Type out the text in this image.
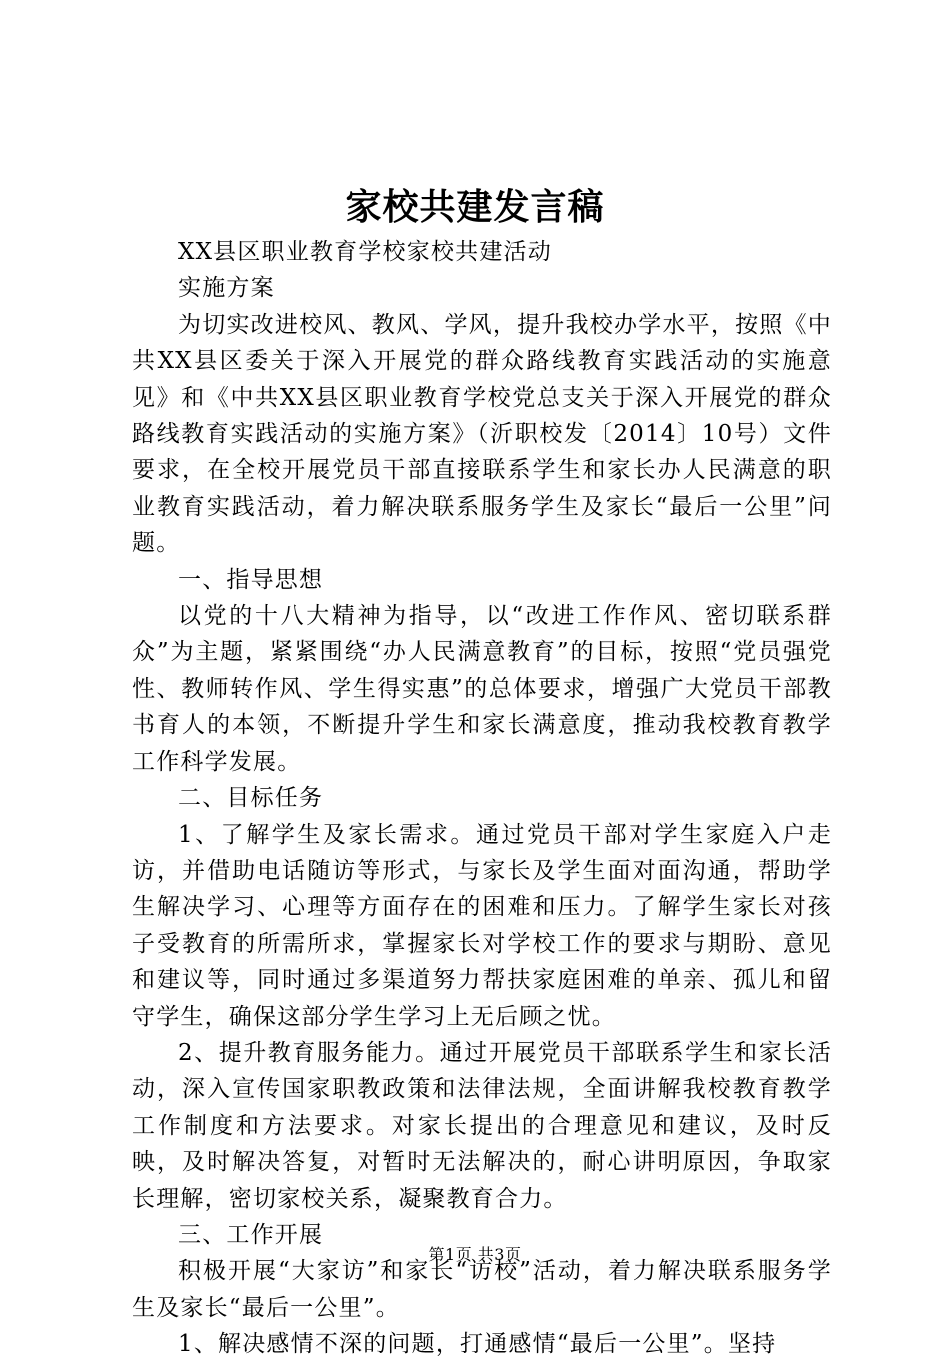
家校共建发言稿

XX县区职业教育学校家校共建活动

实施方案

为切实改进校风、教风、学风，提升我校办学水平，按照《中共XX县区委关于深入开展党的群众路线教育实践活动的实施意见》和《中共XX县区职业教育学校党总支关于深入开展党的群众路线教育实践活动的实施方案》（沂职校发〔2014〕10号）文件要求，在全校开展党员干部直接联系学生和家长办人民满意的职业教育实践活动，着力解决联系服务学生及家长“最后一公里”问题。

一、指导思想

以党的十八大精神为指导，以“改进工作作风、密切联系群众”为主题，紧紧围绕“办人民满意教育”的目标，按照“党员强党性、教师转作风、学生得实惠”的总体要求，增强广大党员干部教书育人的本领，不断提升学生和家长满意度，推动我校教育教学工作科学发展。

二、目标任务

1、了解学生及家长需求。通过党员干部对学生家庭入户走访，并借助电话随访等形式，与家长及学生面对面沟通，帮助学生解决学习、心理等方面存在的困难和压力。了解学生家长对孩子受教育的所需所求，掌握家长对学校工作的要求与期盼、意见和建议等，同时通过多渠道努力帮扶家庭困难的单亲、孤儿和留守学生，确保这部分学生学习上无后顾之忧。

2、提升教育服务能力。通过开展党员干部联系学生和家长活动，深入宣传国家职教政策和法律法规，全面讲解我校教育教学工作制度和方法要求。对家长提出的合理意见和建议，及时反映，及时解决答复，对暂时无法解决的，耐心讲明原因，争取家长理解，密切家校关系，凝聚教育合力。

三、工作开展

积极开展“大家访”和家长“访校”活动，着力解决联系服务学生及家长“最后一公里”。

1、解决感情不深的问题，打通感情“最后一公里”。坚持

第1页 共3页
